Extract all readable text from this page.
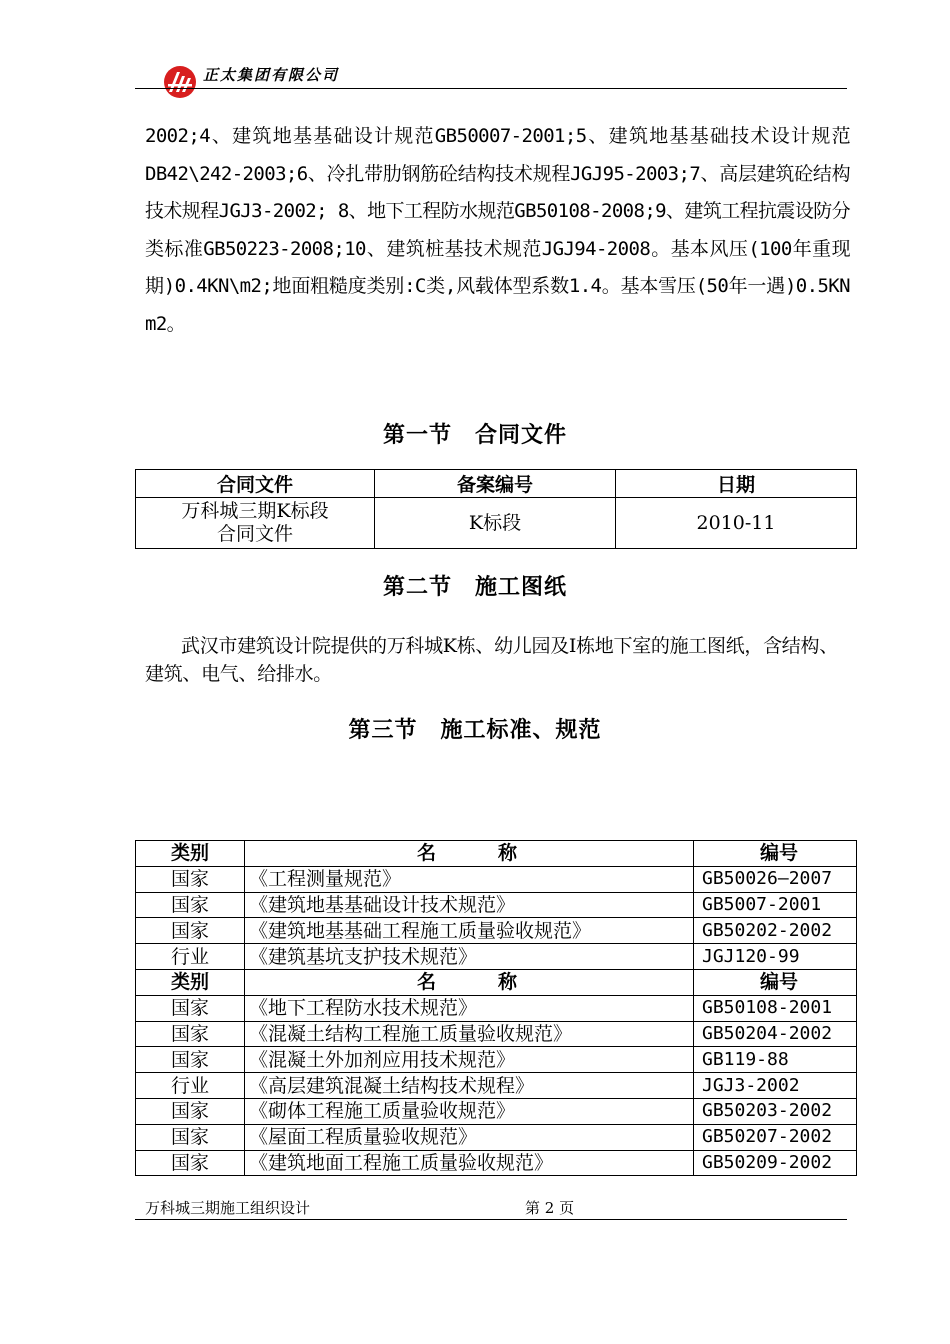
正太集团有限公司

2002;4、建筑地基基础设计规范GB50007-2001;5、建筑地基基础技术设计规范DB42\242-2003;6、冷扎带肋钢筋砼结构技术规程JGJ95-2003;7、高层建筑砼结构技术规程JGJ3-2002; 8、地下工程防水规范GB50108-2008;9、建筑工程抗震设防分类标准GB50223-2008;10、建筑桩基技术规范JGJ94-2008。基本风压(100年重现期)0.4KN\m2;地面粗糙度类别:C类,风载体型系数1.4。基本雪压(50年一遇)0.5KN m2。

第一节　合同文件
合同文件	备案编号	日期

万科城三期K标段
合同文件	K标段	2010-11
第二节　施工图纸

武汉市建筑设计院提供的万科城K栋、幼儿园及I栋地下室的施工图纸，含结构、建筑、电气、给排水。

第三节　施工标准、规范
类别	名　　称	编号
国家	《工程测量规范》	GB50026—2007
国家	《建筑地基基础设计技术规范》	GB5007-2001
国家	《建筑地基基础工程施工质量验收规范》	GB50202-2002
行业	《建筑基坑支护技术规范》	JGJ120-99
类别	名　　称	编号
国家	《地下工程防水技术规范》	GB50108-2001
国家	《混凝土结构工程施工质量验收规范》	GB50204-2002
国家	《混凝土外加剂应用技术规范》	GB119-88
行业	《高层建筑混凝土结构技术规程》	JGJ3-2002
国家	《砌体工程施工质量验收规范》	GB50203-2002
国家	《屋面工程质量验收规范》	GB50207-2002
国家	《建筑地面工程施工质量验收规范》	GB50209-2002
万科城三期施工组织设计	第 2 页
